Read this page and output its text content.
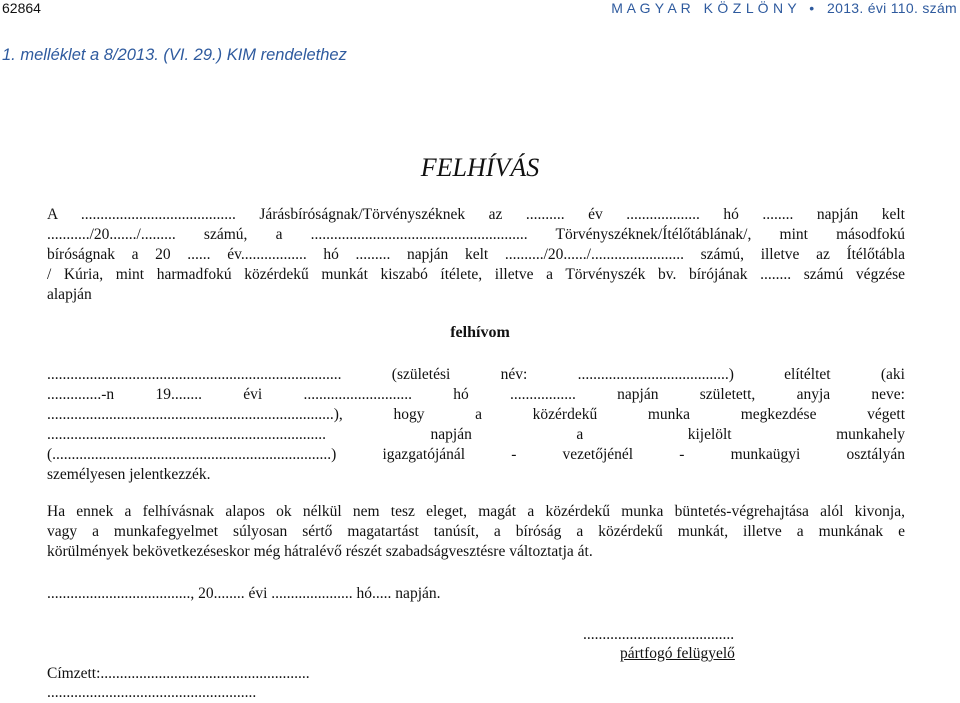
62864	M A G Y A R   K Ö Z L Ö N Y   •   2013. évi 110. szám
1. melléklet a 8/2013. (VI. 29.) KIM rendelethez
FELHÍVÁS
A ........................................ Járásbíróságnak/Törvényszéknek az .......... év ................... hó ........ napján kelt
.........../20......./......... számú, a ........................................................ Törvényszéknek/Ítélőtáblának/, mint másodfokú
bíróságnak a 20 ...... év................. hó ......... napján kelt ........../20....../........................ számú, illetve az Ítélőtábla
/ Kúria, mint harmadfokú közérdekű munkát kiszabó ítélete, illetve a Törvényszék bv. bírójának ........ számú végzése
alapján
felhívom
............................................................................ (születési név: .......................................) elítéltet (aki
..............-n 19........ évi ............................ hó ................. napján született, anyja neve:
..........................................................................), hogy a közérdekű munka megkezdése végett
........................................................................ napján a kijelölt munkahely
(........................................................................) igazgatójánál - vezetőjénél - munkaügyi osztályán
személyesen jelentkezzék.
Ha ennek a felhívásnak alapos ok nélkül nem tesz eleget, magát a közérdekű munka büntetés-végrehajtása alól kivonja,
vagy a munkafegyelmet súlyosan sértő magatartást tanúsít, a bíróság a közérdekű munkát, illetve a munkának e
körülmények bekövetkezéseskor még hátralévő részét szabadságvesztésre változtatja át.
....................................., 20........ évi ..................... hó..... napján.
.......................................
pártfogó felügyelő
Címzett:......................................................
......................................................
